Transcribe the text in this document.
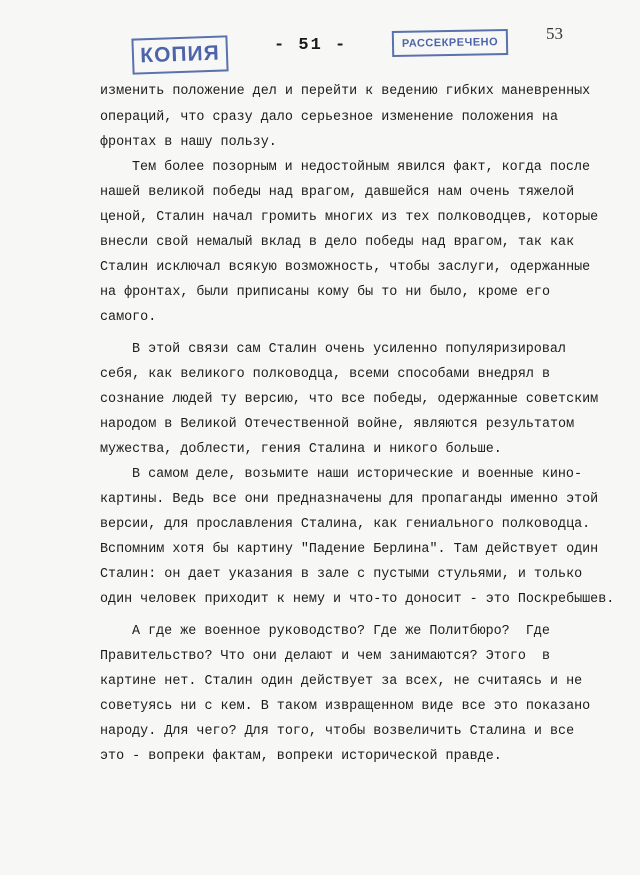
КОПИЯ	- 51 -	РАССЕКРЕЧЕНО	53
изменить положение дел и перейти к ведению гибких маневренных
операций, что сразу дало серьезное изменение положения на
фронтах в нашу пользу.
Тем более позорным и недостойным явился факт, когда после
нашей великой победы над врагом, давшейся нам очень тяжелой
ценой, Сталин начал громить многих из тех полководцев, которые
внесли свой немалый вклад в дело победы над врагом, так как
Сталин исключал всякую возможность, чтобы заслуги, одержанные
на фронтах, были приписаны кому бы то ни было, кроме его
самого.
В этой связи сам Сталин очень усиленно популяризировал
себя, как великого полководца, всеми способами внедрял в
сознание людей ту версию, что все победы, одержанные советским
народом в Великой Отечественной войне, являются результатом
мужества, доблести, гения Сталина и никого больше.
В самом деле, возьмите наши исторические и военные кино-
картины. Ведь все они предназначены для пропаганды именно этой
версии, для прославления Сталина, как гениального полководца.
Вспомним хотя бы картину "Падение Берлина". Там действует один
Сталин: он дает указания в зале с пустыми стульями, и только
один человек приходит к нему и что-то доносит - это Поскребышев.
А где же военное руководство? Где же Политбюро?  Где
Правительство? Что они делают и чем занимаются? Этого  в
картине нет. Сталин один действует за всех, не считаясь и не
советуясь ни с кем. В таком извращенном виде все это показано
народу. Для чего? Для того, чтобы возвеличить Сталина и все
это - вопреки фактам, вопреки исторической правде.
